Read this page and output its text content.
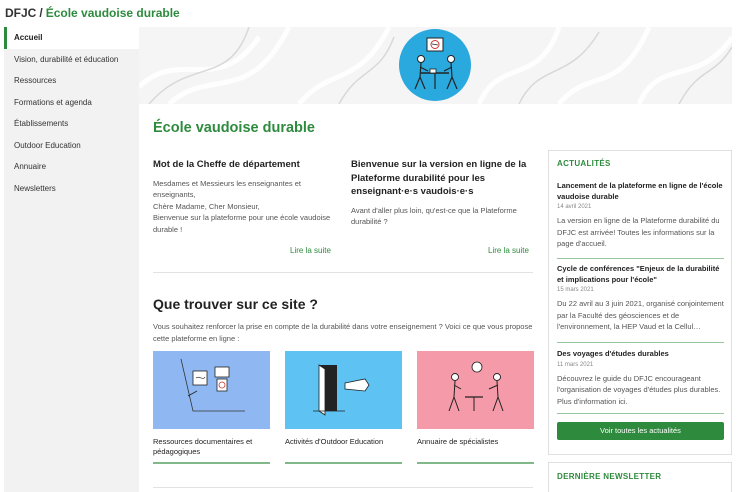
DFJC / École vaudoise durable
Accueil
Vision, durabilité et éducation
Ressources
Formations et agenda
Établissements
Outdoor Education
Annuaire
Newsletters
École vaudoise durable
Mot de la Cheffe de département

Mesdames et Messieurs les enseignantes et enseignants,
Chère Madame, Cher Monsieur,
Bienvenue sur la plateforme pour une école vaudoise durable !

Lire la suite
Bienvenue sur la version en ligne de la Plateforme durabilité pour les enseignant·e·s vaudois·e·s

Avant d'aller plus loin, qu'est-ce que la Plateforme durabilité ?

Lire la suite
Que trouver sur ce site ?

Vous souhaitez renforcer la prise en compte de la durabilité dans votre enseignement ? Voici ce que vous propose cette plateforme en ligne :

Ressources documentaires et pédagogiques
Activités d'Outdoor Education	Annuaire de spécialistes
ACTUALITÉS
Lancement de la plateforme en ligne de l'école vaudoise durable
14 avril 2021
La version en ligne de la Plateforme durabilité du DFJC est arrivée! Toutes les informations sur la page d'accueil.
Cycle de conférences "Enjeux de la durabilité et implications pour l'école"
15 mars 2021
Du 22 avril au 3 juin 2021, organisé conjointement par la Faculté des géosciences et de l'environnement, la HEP Vaud et la Cellul…
Des voyages d'études durables
11 mars 2021
Découvrez le guide du DFJC encourageant l'organisation de voyages d'études plus durables. Plus d'information ici.
Voir toutes les actualités
DERNIÈRE NEWSLETTER
